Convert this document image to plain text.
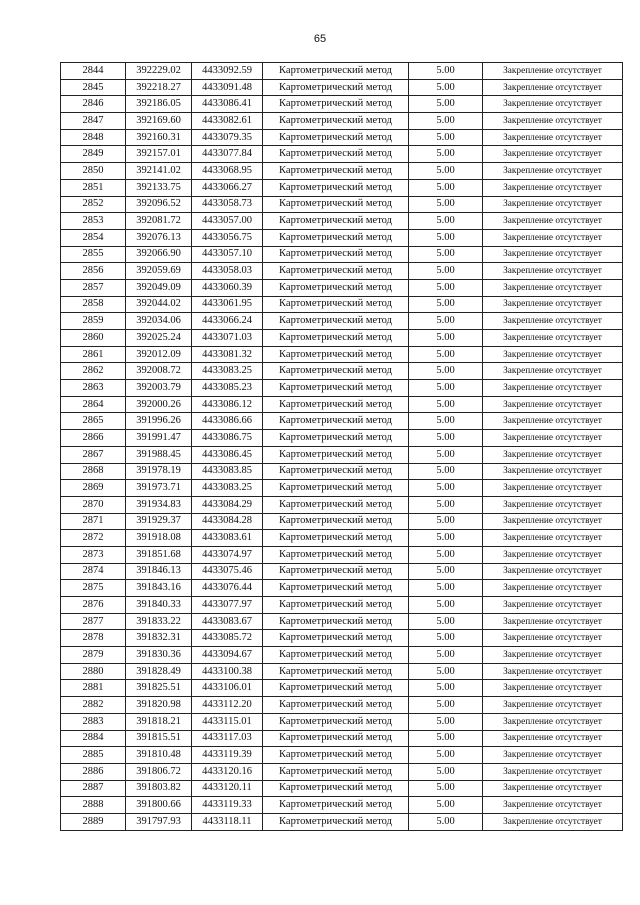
65
2844	392229.02	4433092.59	Картометрический метод	5.00	Закрепление отсутствует
2845	392218.27	4433091.48	Картометрический метод	5.00	Закрепление отсутствует
2846	392186.05	4433086.41	Картометрический метод	5.00	Закрепление отсутствует
2847	392169.60	4433082.61	Картометрический метод	5.00	Закрепление отсутствует
2848	392160.31	4433079.35	Картометрический метод	5.00	Закрепление отсутствует
2849	392157.01	4433077.84	Картометрический метод	5.00	Закрепление отсутствует
2850	392141.02	4433068.95	Картометрический метод	5.00	Закрепление отсутствует
2851	392133.75	4433066.27	Картометрический метод	5.00	Закрепление отсутствует
2852	392096.52	4433058.73	Картометрический метод	5.00	Закрепление отсутствует
2853	392081.72	4433057.00	Картометрический метод	5.00	Закрепление отсутствует
2854	392076.13	4433056.75	Картометрический метод	5.00	Закрепление отсутствует
2855	392066.90	4433057.10	Картометрический метод	5.00	Закрепление отсутствует
2856	392059.69	4433058.03	Картометрический метод	5.00	Закрепление отсутствует
2857	392049.09	4433060.39	Картометрический метод	5.00	Закрепление отсутствует
2858	392044.02	4433061.95	Картометрический метод	5.00	Закрепление отсутствует
2859	392034.06	4433066.24	Картометрический метод	5.00	Закрепление отсутствует
2860	392025.24	4433071.03	Картометрический метод	5.00	Закрепление отсутствует
2861	392012.09	4433081.32	Картометрический метод	5.00	Закрепление отсутствует
2862	392008.72	4433083.25	Картометрический метод	5.00	Закрепление отсутствует
2863	392003.79	4433085.23	Картометрический метод	5.00	Закрепление отсутствует
2864	392000.26	4433086.12	Картометрический метод	5.00	Закрепление отсутствует
2865	391996.26	4433086.66	Картометрический метод	5.00	Закрепление отсутствует
2866	391991.47	4433086.75	Картометрический метод	5.00	Закрепление отсутствует
2867	391988.45	4433086.45	Картометрический метод	5.00	Закрепление отсутствует
2868	391978.19	4433083.85	Картометрический метод	5.00	Закрепление отсутствует
2869	391973.71	4433083.25	Картометрический метод	5.00	Закрепление отсутствует
2870	391934.83	4433084.29	Картометрический метод	5.00	Закрепление отсутствует
2871	391929.37	4433084.28	Картометрический метод	5.00	Закрепление отсутствует
2872	391918.08	4433083.61	Картометрический метод	5.00	Закрепление отсутствует
2873	391851.68	4433074.97	Картометрический метод	5.00	Закрепление отсутствует
2874	391846.13	4433075.46	Картометрический метод	5.00	Закрепление отсутствует
2875	391843.16	4433076.44	Картометрический метод	5.00	Закрепление отсутствует
2876	391840.33	4433077.97	Картометрический метод	5.00	Закрепление отсутствует
2877	391833.22	4433083.67	Картометрический метод	5.00	Закрепление отсутствует
2878	391832.31	4433085.72	Картометрический метод	5.00	Закрепление отсутствует
2879	391830.36	4433094.67	Картометрический метод	5.00	Закрепление отсутствует
2880	391828.49	4433100.38	Картометрический метод	5.00	Закрепление отсутствует
2881	391825.51	4433106.01	Картометрический метод	5.00	Закрепление отсутствует
2882	391820.98	4433112.20	Картометрический метод	5.00	Закрепление отсутствует
2883	391818.21	4433115.01	Картометрический метод	5.00	Закрепление отсутствует
2884	391815.51	4433117.03	Картометрический метод	5.00	Закрепление отсутствует
2885	391810.48	4433119.39	Картометрический метод	5.00	Закрепление отсутствует
2886	391806.72	4433120.16	Картометрический метод	5.00	Закрепление отсутствует
2887	391803.82	4433120.11	Картометрический метод	5.00	Закрепление отсутствует
2888	391800.66	4433119.33	Картометрический метод	5.00	Закрепление отсутствует
2889	391797.93	4433118.11	Картометрический метод	5.00	Закрепление отсутствует
